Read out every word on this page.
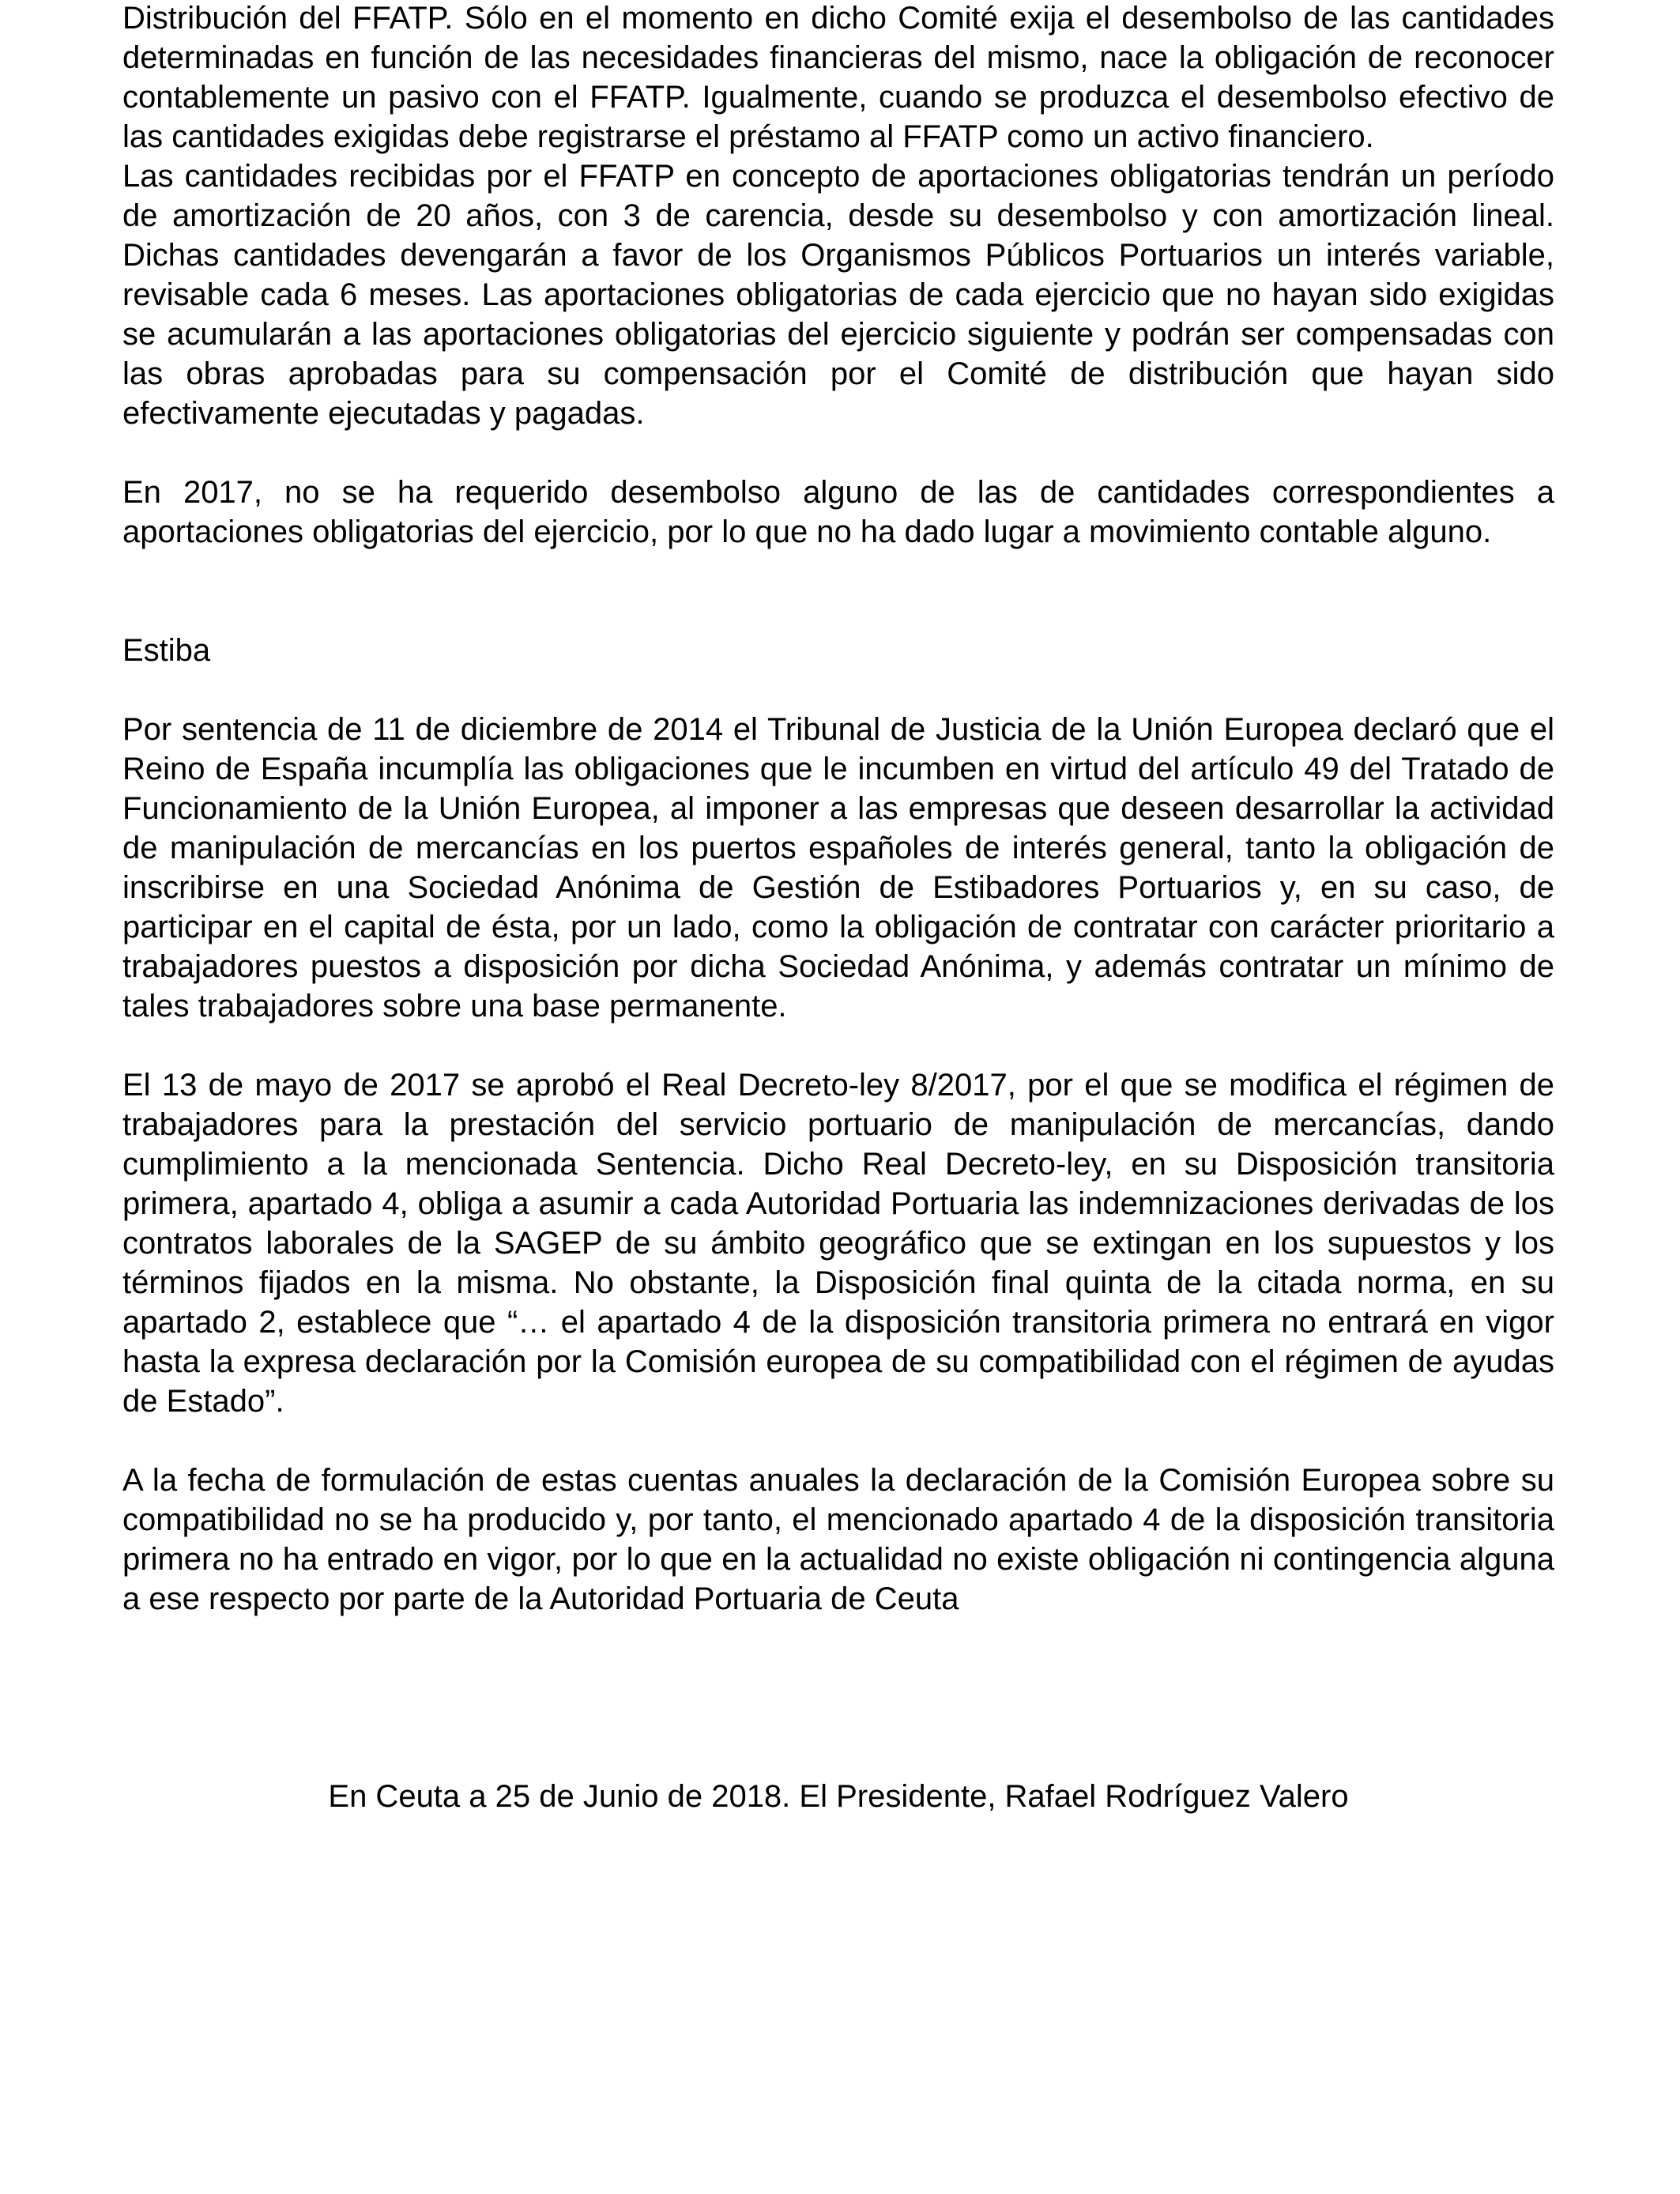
Distribución del FFATP. Sólo en el momento en dicho Comité exija el desembolso de las cantidades determinadas en función de las necesidades financieras del mismo, nace la obligación de reconocer contablemente un pasivo con el FFATP. Igualmente, cuando se produzca el desembolso efectivo de las cantidades exigidas debe registrarse el préstamo al FFATP como un activo financiero.

Las cantidades recibidas por el FFATP en concepto de aportaciones obligatorias tendrán un período de amortización de 20 años, con 3 de carencia, desde su desembolso y con amortización lineal. Dichas cantidades devengarán a favor de los Organismos Públicos Portuarios un interés variable, revisable cada 6 meses. Las aportaciones obligatorias de cada ejercicio que no hayan sido exigidas se acumularán a las aportaciones obligatorias del ejercicio siguiente y podrán ser compensadas con las obras aprobadas para su compensación por el Comité de distribución que hayan sido efectivamente ejecutadas y pagadas.

En 2017, no se ha requerido desembolso alguno de las de cantidades correspondientes a aportaciones obligatorias del ejercicio, por lo que no ha dado lugar a movimiento contable alguno.

Estiba

Por sentencia de 11 de diciembre de 2014 el Tribunal de Justicia de la Unión Europea declaró que el Reino de España incumplía las obligaciones que le incumben en virtud del artículo 49 del Tratado de Funcionamiento de la Unión Europea, al imponer a las empresas que deseen desarrollar la actividad de manipulación de mercancías en los puertos españoles de interés general, tanto la obligación de inscribirse en una Sociedad Anónima de Gestión de Estibadores Portuarios y, en su caso, de participar en el capital de ésta, por un lado, como la obligación de contratar con carácter prioritario a trabajadores puestos a disposición por dicha Sociedad Anónima, y además contratar un mínimo de tales trabajadores sobre una base permanente.

El 13 de mayo de 2017 se aprobó el Real Decreto-ley 8/2017, por el que se modifica el régimen de trabajadores para la prestación del servicio portuario de manipulación de mercancías, dando cumplimiento a la mencionada Sentencia. Dicho Real Decreto-ley, en su Disposición transitoria primera, apartado 4, obliga a asumir a cada Autoridad Portuaria las indemnizaciones derivadas de los contratos laborales de la SAGEP de su ámbito geográfico que se extingan en los supuestos y los términos fijados en la misma. No obstante, la Disposición final quinta de la citada norma, en su apartado 2, establece que “… el apartado 4 de la disposición transitoria primera no entrará en vigor hasta la expresa declaración por la Comisión europea de su compatibilidad con el régimen de ayudas de Estado”.

A la fecha de formulación de estas cuentas anuales la declaración de la Comisión Europea sobre su compatibilidad no se ha producido y, por tanto, el mencionado apartado 4 de la disposición transitoria primera no ha entrado en vigor, por lo que en la actualidad no existe obligación ni contingencia alguna a ese respecto por parte de la Autoridad Portuaria de Ceuta

En Ceuta a 25 de Junio de 2018. El Presidente, Rafael Rodríguez Valero
